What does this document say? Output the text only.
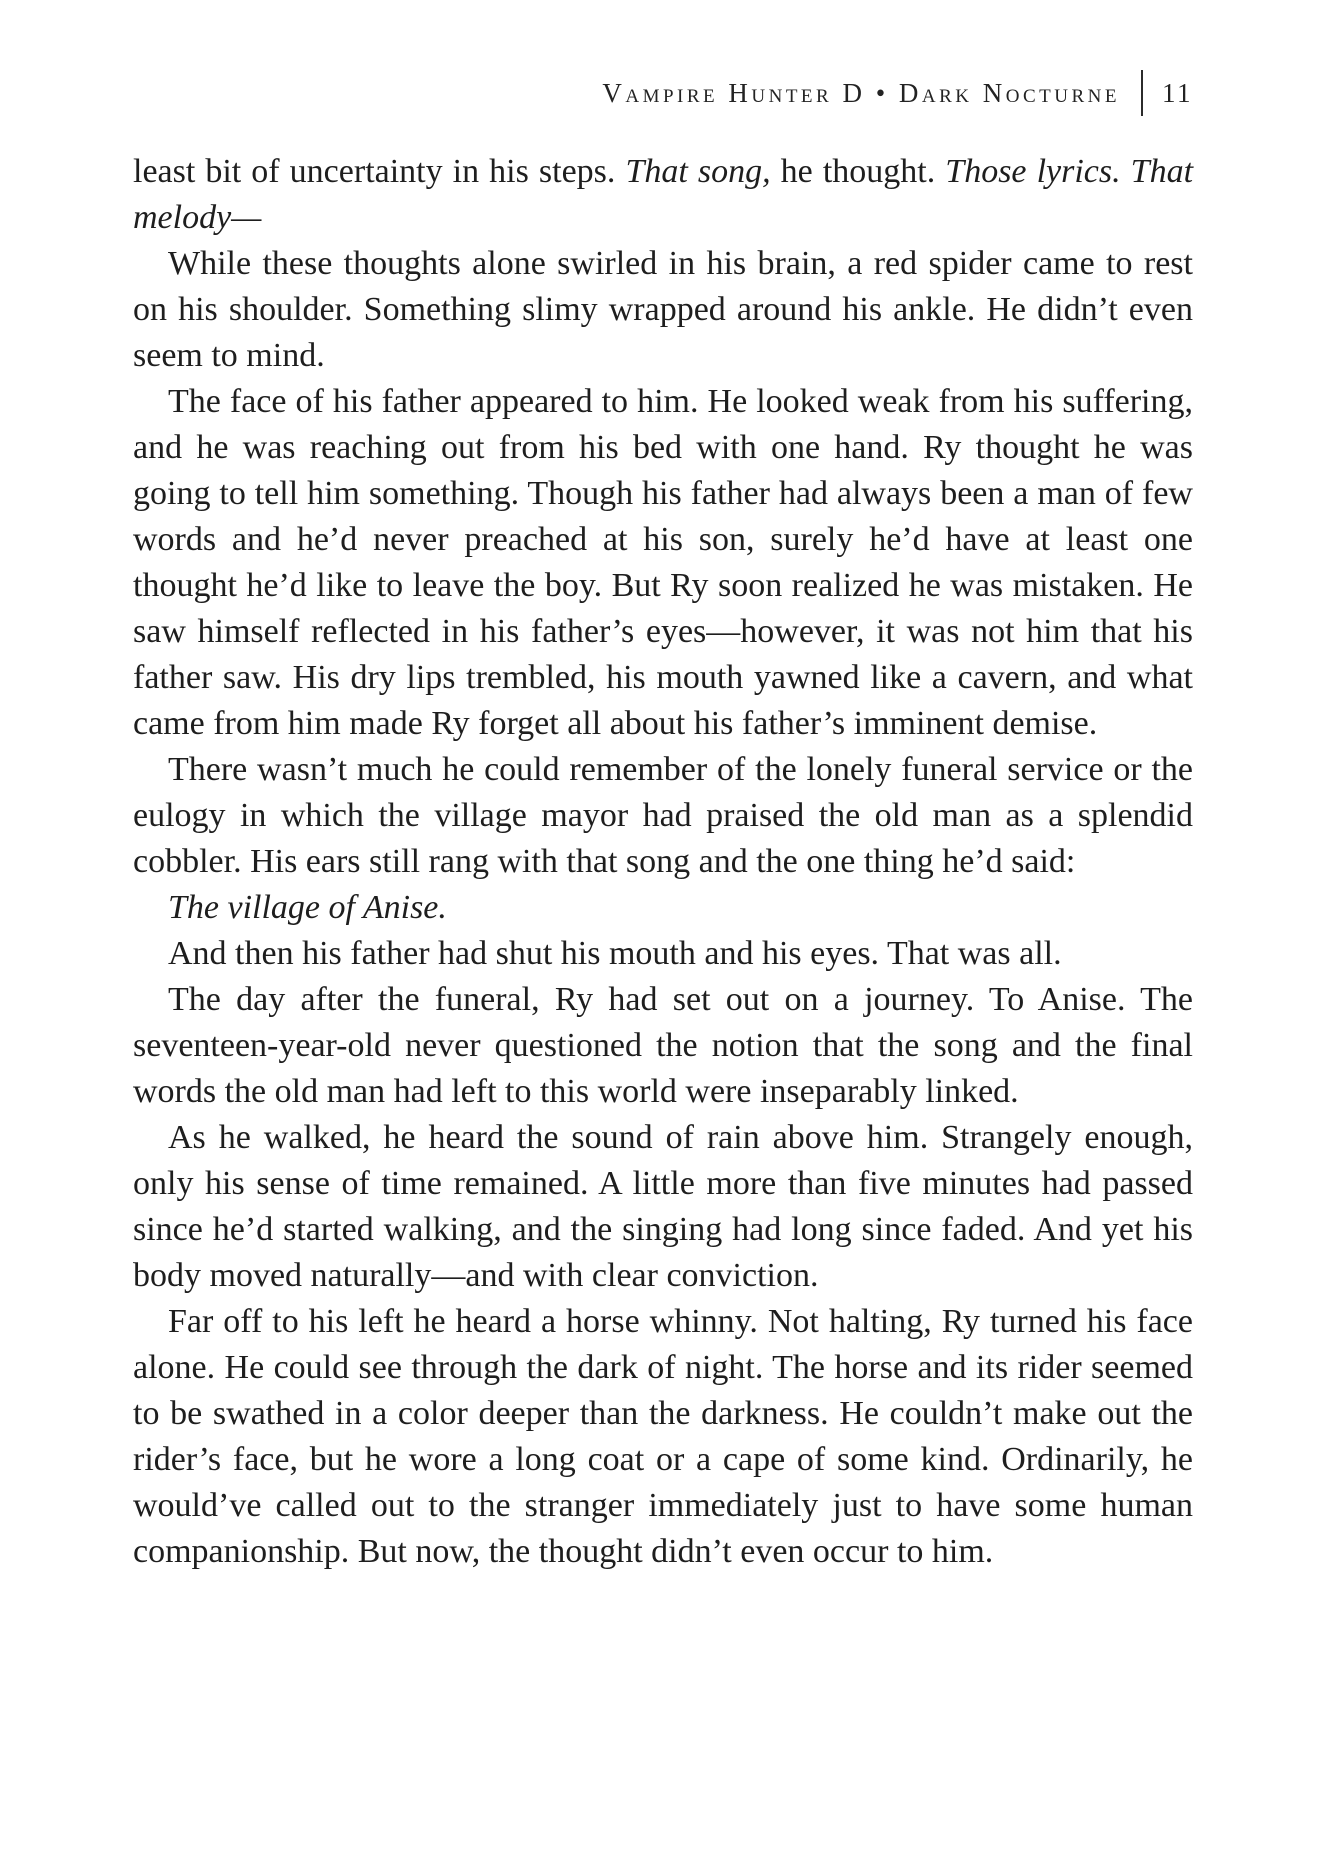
Vampire Hunter D • Dark Nocturne 11

least bit of uncertainty in his steps. That song, he thought. Those lyrics. That melody—

While these thoughts alone swirled in his brain, a red spider came to rest on his shoulder. Something slimy wrapped around his ankle. He didn’t even seem to mind.

The face of his father appeared to him. He looked weak from his suffering, and he was reaching out from his bed with one hand. Ry thought he was going to tell him something. Though his father had always been a man of few words and he’d never preached at his son, surely he’d have at least one thought he’d like to leave the boy. But Ry soon realized he was mistaken. He saw himself reflected in his father’s eyes—however, it was not him that his father saw. His dry lips trembled, his mouth yawned like a cavern, and what came from him made Ry forget all about his father’s imminent demise.

There wasn’t much he could remember of the lonely funeral service or the eulogy in which the village mayor had praised the old man as a splendid cobbler. His ears still rang with that song and the one thing he’d said:

The village of Anise.

And then his father had shut his mouth and his eyes. That was all.

The day after the funeral, Ry had set out on a journey. To Anise. The seventeen-year-old never questioned the notion that the song and the final words the old man had left to this world were inseparably linked.

As he walked, he heard the sound of rain above him. Strangely enough, only his sense of time remained. A little more than five minutes had passed since he’d started walking, and the singing had long since faded. And yet his body moved naturally—and with clear conviction.

Far off to his left he heard a horse whinny. Not halting, Ry turned his face alone. He could see through the dark of night. The horse and its rider seemed to be swathed in a color deeper than the darkness. He couldn’t make out the rider’s face, but he wore a long coat or a cape of some kind. Ordinarily, he would’ve called out to the stranger immediately just to have some human companionship. But now, the thought didn’t even occur to him.
